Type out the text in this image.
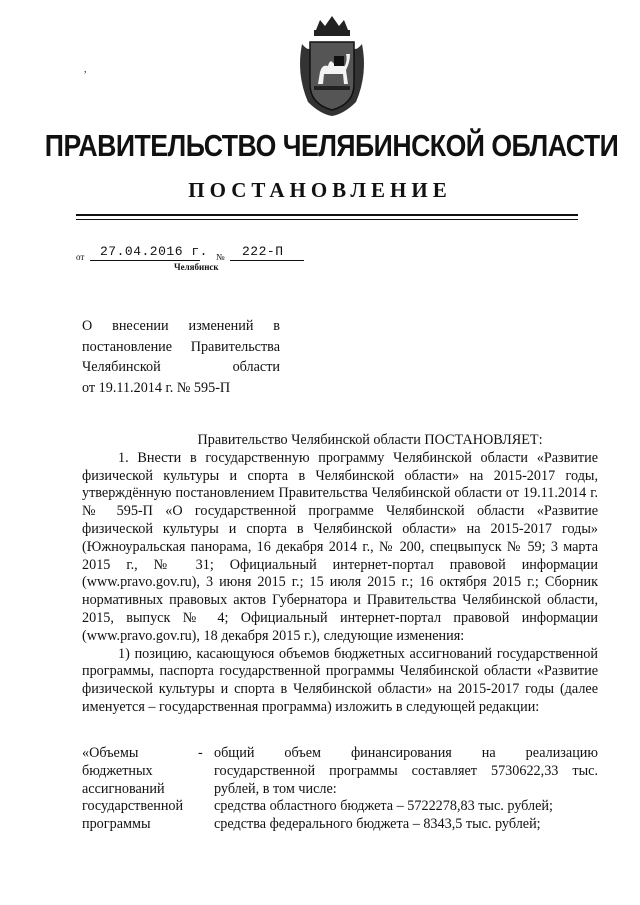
,
ПРАВИТЕЛЬСТВО ЧЕЛЯБИНСКОЙ ОБЛАСТИ
ПОСТАНОВЛЕНИЕ
от 27.04.2016 г. № 222-П
Челябинск
О внесении изменений в
постановление Правительства
Челябинской области
от 19.11.2014 г. № 595-П
Правительство Челябинской области ПОСТАНОВЛЯЕТ:

1. Внести в государственную программу Челябинской области «Развитие физической культуры и спорта в Челябинской области» на 2015-2017 годы, утверждённую постановлением Правительства Челябинской области от 19.11.2014 г. № 595-П «О государственной программе Челябинской области «Развитие физической культуры и спорта в Челябинской области» на 2015-2017 годы» (Южноуральская панорама, 16 декабря 2014 г., № 200, спецвыпуск № 59; 3 марта 2015 г., № 31; Официальный интернет-портал правовой информации (www.pravo.gov.ru), 3 июня 2015 г.; 15 июля 2015 г.; 16 октября 2015 г.; Сборник нормативных правовых актов Губернатора и Правительства Челябинской области, 2015, выпуск № 4; Официальный интернет-портал правовой информации (www.pravo.gov.ru), 18 декабря 2015 г.), следующие изменения:

1) позицию, касающуюся объемов бюджетных ассигнований государственной программы, паспорта государственной программы Челябинской области «Развитие физической культуры и спорта в Челябинской области» на 2015-2017 годы (далее именуется – государственная программа) изложить в следующей редакции:

«Объемы
бюджетных
ассигнований
государственной
программы
- общий объем финансирования на реализацию
государственной программы составляет 5730622,33 тыс.
рублей, в том числе:
средства областного бюджета – 5722278,83 тыс. рублей;
средства федерального бюджета – 8343,5 тыс. рублей;
